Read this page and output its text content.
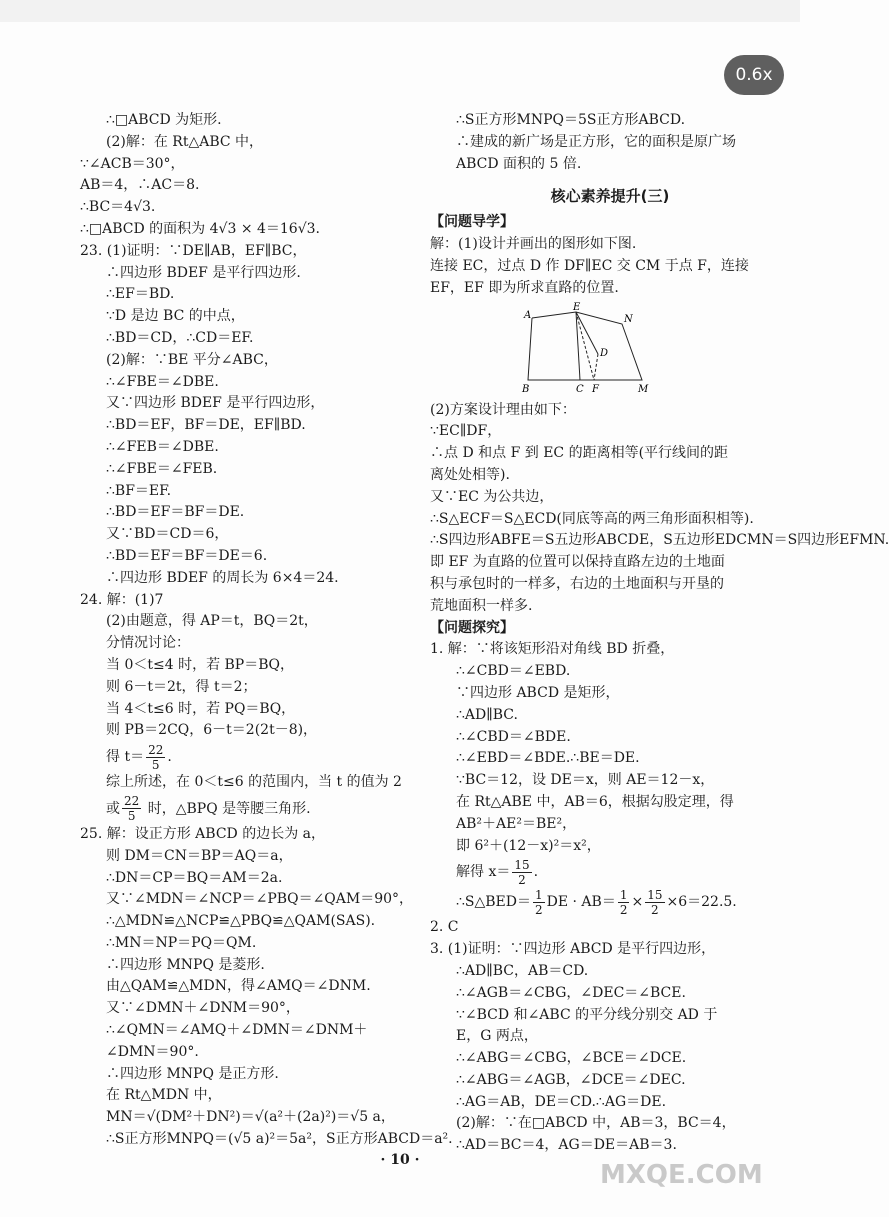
0.6x
∴□ABCD 为矩形.
(2)解：在 Rt△ABC 中，
∵∠ACB＝30°，
AB＝4，∴AC＝8.
∴BC＝4√3.
∴□ABCD 的面积为 4√3 × 4＝16√3.
23. (1)证明：∵DE∥AB，EF∥BC，
∴四边形 BDEF 是平行四边形.
∴EF＝BD.
∵D 是边 BC 的中点，
∴BD＝CD，∴CD＝EF.
(2)解：∵BE 平分∠ABC，
∴∠FBE＝∠DBE.
又∵四边形 BDEF 是平行四边形，
∴BD＝EF，BF＝DE，EF∥BD.
∴∠FEB＝∠DBE.
∴∠FBE＝∠FEB.
∴BF＝EF.
∴BD＝EF＝BF＝DE.
又∵BD＝CD＝6，
∴BD＝EF＝BF＝DE＝6.
∴四边形 BDEF 的周长为 6×4＝24.
24. 解：(1)7
(2)由题意，得 AP＝t，BQ＝2t，
分情况讨论：
当 0＜t≤4 时，若 BP＝BQ，
则 6－t＝2t，得 t＝2；
当 4＜t≤6 时，若 PQ＝BQ，
则 PB＝2CQ，6－t＝2(2t－8)，
得 $t= \frac{22}{5}$ .
综上所述，在 0＜t≤6 的范围内，当 t 的值为 2
或 $\frac{22}{5}$ 时，△BPQ 是等腰三角形.
25. 解：设正方形 ABCD 的边长为 a，
则 DM＝CN＝BP＝AQ＝a，
∴DN＝CP＝BQ＝AM＝2a.
又∵∠MDN＝∠NCP＝∠PBQ＝∠QAM＝90°，
∴△MDN≌△NCP≌△PBQ≌△QAM(SAS).
∴MN＝NP＝PQ＝QM.
∴四边形 MNPQ 是菱形.
由△QAM≌△MDN，得∠AMQ＝∠DNM.
又∵∠DMN＋∠DNM＝90°，
∴∠QMN＝∠AMQ＋∠DMN＝∠DNM＋
∠DMN＝90°.
∴四边形 MNPQ 是正方形.
在 Rt△MDN 中，
MN＝√(DM²＋DN²)＝√(a²＋(2a)²)＝√5 a，
∴S正方形MNPQ＝(√5 a)²＝5a²，S正方形ABCD＝a².
∴S正方形MNPQ＝5S正方形ABCD.
∴建成的新广场是正方形，它的面积是原广场
ABCD 面积的 5 倍.
核心素养提升(三)
【问题导学】
解：(1)设计并画出的图形如下图.
连接 EC，过点 D 作 DF∥EC 交 CM 于点 F，连接
EF，EF 即为所求直路的位置.
A
E
N
D
B	C F	M
(2)方案设计理由如下：
∵EC∥DF，
∴点 D 和点 F 到 EC 的距离相等(平行线间的距
离处处相等).
又∵EC 为公共边，
∴S△ECF＝S△ECD(同底等高的两三角形面积相等).
∴S四边形ABFE＝S五边形ABCDE，S五边形EDCMN＝S四边形EFMN.
即 EF 为直路的位置可以保持直路左边的土地面
积与承包时的一样多，右边的土地面积与开垦的
荒地面积一样多.
【问题探究】
1. 解：∵将该矩形沿对角线 BD 折叠，
∴∠CBD＝∠EBD.
∵四边形 ABCD 是矩形，
∴AD∥BC.
∴∠CBD＝∠BDE.
∴∠EBD＝∠BDE.∴BE＝DE.
∵BC＝12，设 DE＝x，则 AE＝12－x，
在 Rt△ABE 中，AB＝6，根据勾股定理，得
AB²＋AE²＝BE²，
即 6²＋(12－x)²＝x²，
解得 $x= \frac{15}{2}$ .
∴S△BED＝ $\frac{1}{2}$ DE · $AB= \frac{1}{2} \times \frac{15}{2} \times 6=22.5$.
2. C
3. (1)证明：∵四边形 ABCD 是平行四边形，
∴AD∥BC，AB＝CD.
∴∠AGB＝∠CBG，∠DEC＝∠BCE.
∵∠BCD 和∠ABC 的平分线分别交 AD 于
E，G 两点，
∴∠ABG＝∠CBG，∠BCE＝∠DCE.
∴∠ABG＝∠AGB，∠DCE＝∠DEC.
∴AG＝AB，DE＝CD.∴AG＝DE.
(2)解：∵在□ABCD 中，AB＝3，BC＝4，
∴AD＝BC＝4，AG＝DE＝AB＝3.
· 10 ·	MXQE.COM
